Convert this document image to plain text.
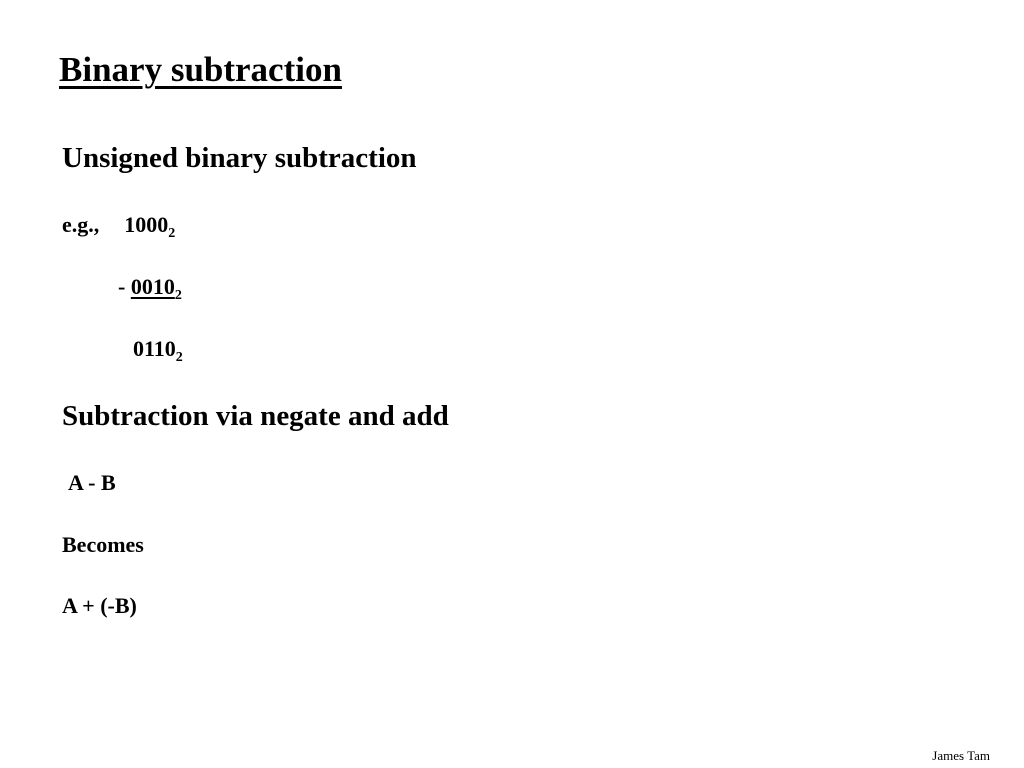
Binary subtraction
Unsigned binary subtraction
e.g., $1000_2$
- $0010_2$
$0110_2$
Subtraction via negate and add
A - B
Becomes
A + (-B)
James Tam
